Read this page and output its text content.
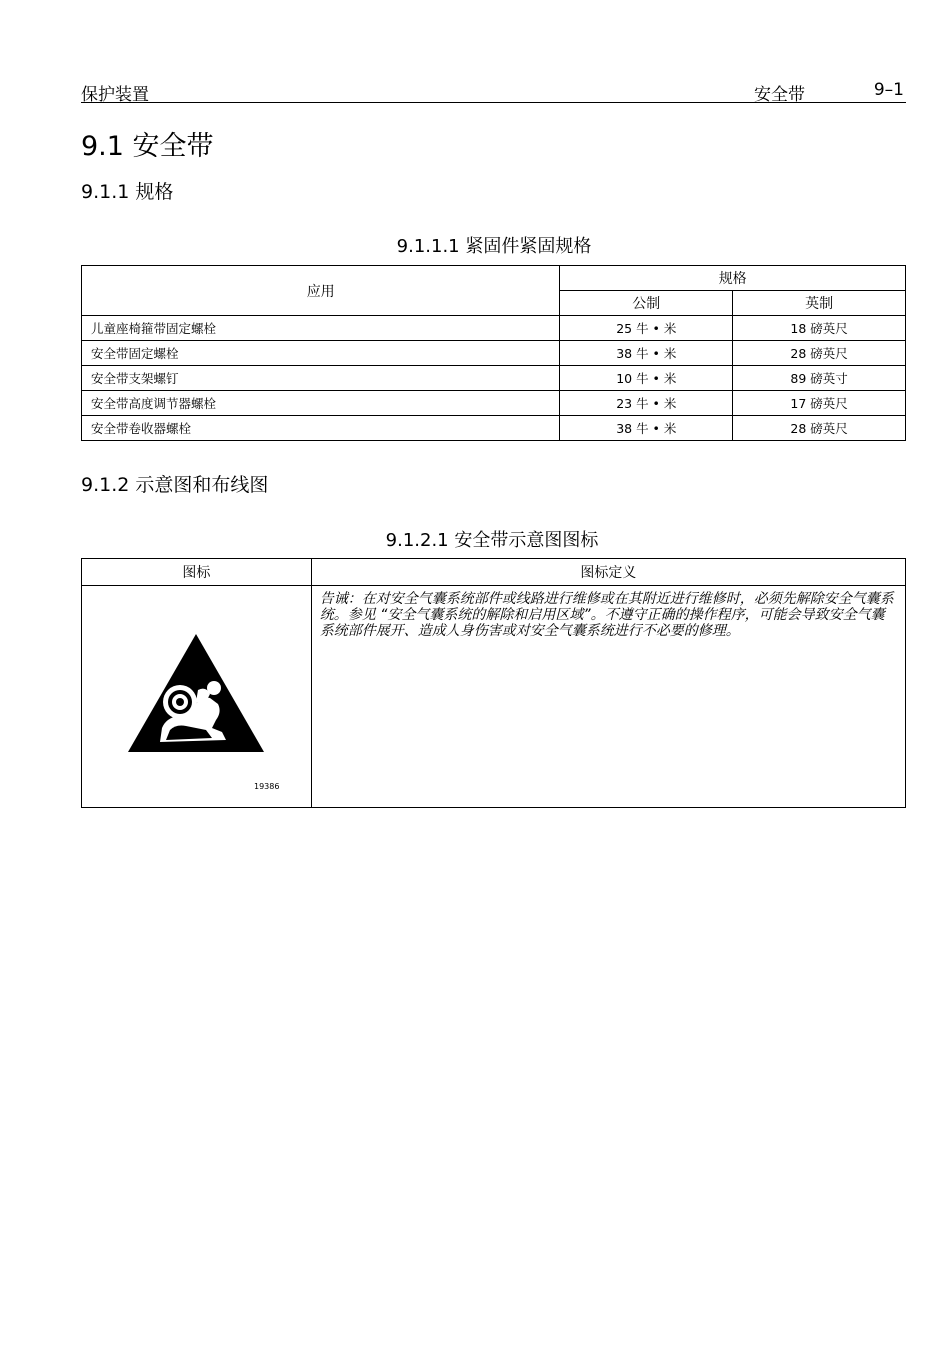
保护装置	安全带	9–1
9.1 安全带
9.1.1 规格
9.1.1.1 紧固件紧固规格
应用	规格	
	公制	英制
儿童座椅箍带固定螺栓	25 牛 • 米	18 磅英尺
安全带固定螺栓	38 牛 • 米	28 磅英尺
安全带支架螺钉	10 牛 • 米	89 磅英寸
安全带高度调节器螺栓	23 牛 • 米	17 磅英尺
安全带卷收器螺栓	38 牛 • 米	28 磅英尺
9.1.2 示意图和布线图
9.1.2.1 安全带示意图图标
图标	图标定义

19386	告诫：在对安全气囊系统部件或线路进行维修或在其附近进行维修时，必须先解除安全气囊系统。参见 “安全气囊系统的解除和启用区域”。不遵守正确的操作程序，可能会导致安全气囊系统部件展开、造成人身伤害或对安全气囊系统进行不必要的修理。
